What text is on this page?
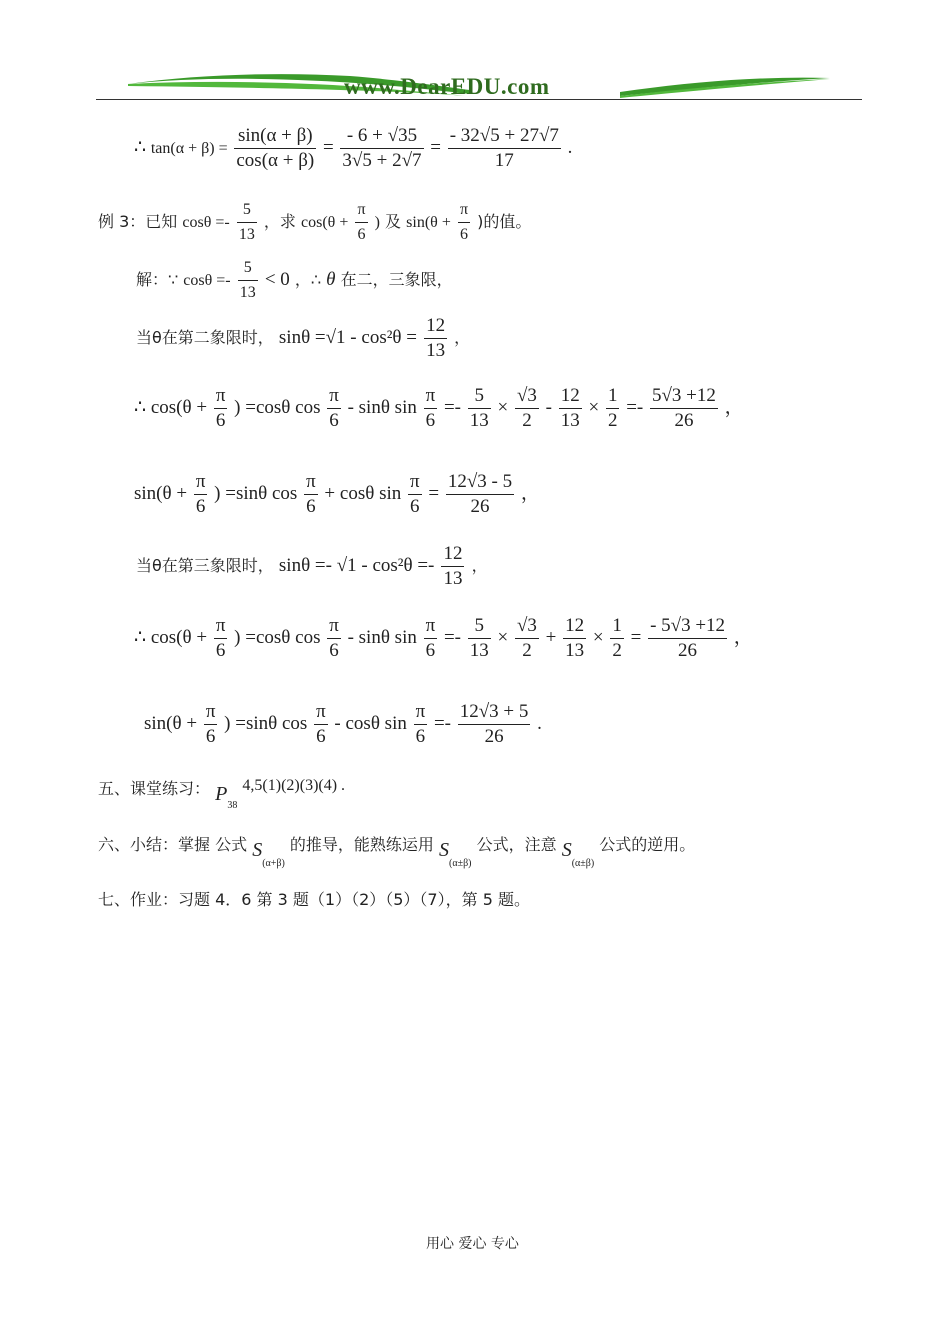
www.DearEDU.com
∴ $\tan(\alpha + \beta) = \frac{\sin(\alpha + \beta)}{\cos(\alpha + \beta)} = \frac{- 6 + √35}{3√5 + 2√7} = \frac{- 32√5 + 27√7}{17}$ .
例 3：已知 $\cos\theta =- \frac{5}{13}$ ，求 $\cos(\theta + \frac{\pi}{6}$ ) 及 $\sin(\theta + \frac{\pi}{6}$ )的值。
解：∵ $\cos\theta =- \frac{5}{13} < 0$ ，∴ θ 在二，三象限，
当θ在第二象限时， $\sin\theta =√1 - \cos^2\theta = \frac{12}{13}$ ，
∴ $\cos(\theta + \frac{\pi}{6}$ ) =cosθ $\cos \frac{\pi}{6}$ - sinθ $\sin \frac{\pi}{6} =- \frac{5}{13} \times \frac{√3}{2} - \frac{12}{13} \times \frac{1}{2} =- \frac{5√3 +12}{26}$ ，
$\sin(\theta + \frac{\pi}{6}$ ) =sinθ $\cos \frac{\pi}{6} + \cos\theta$ $\sin \frac{\pi}{6} = \frac{12√3 - 5}{26}$ ，
当θ在第三象限时， $\sin\theta =- √1 - \cos^2\theta =- \frac{12}{13}$ ，
∴ $\cos(\theta + \frac{\pi}{6}$ ) =cosθ $\cos \frac{\pi}{6}$ - sinθ $\sin \frac{\pi}{6} =- \frac{5}{13} \times \frac{√3}{2} + \frac{12}{13} \times \frac{1}{2} = \frac{- 5√3 +12}{26}$ ，
$\sin(\theta + \frac{\pi}{6}$ ) =sinθ $\cos \frac{\pi}{6}$ - cosθ $\sin \frac{\pi}{6} =- \frac{12√3 + 5}{26}$ .
五、课堂练习： $P_{38}$ 4,5(1)(2)(3)(4) .
六、小结：掌握 公式 $S_{(\alpha+\beta)}$ 的推导，能熟练运用 $S_{(\alpha\pm\beta)}$ 公式，注意 $S_{(\alpha\pm\beta)}$ 公式的逆用。
七、作业：习题 4．6 第 3 题（1）（2）（5）（7），第 5 题。
用心 爱心 专心
